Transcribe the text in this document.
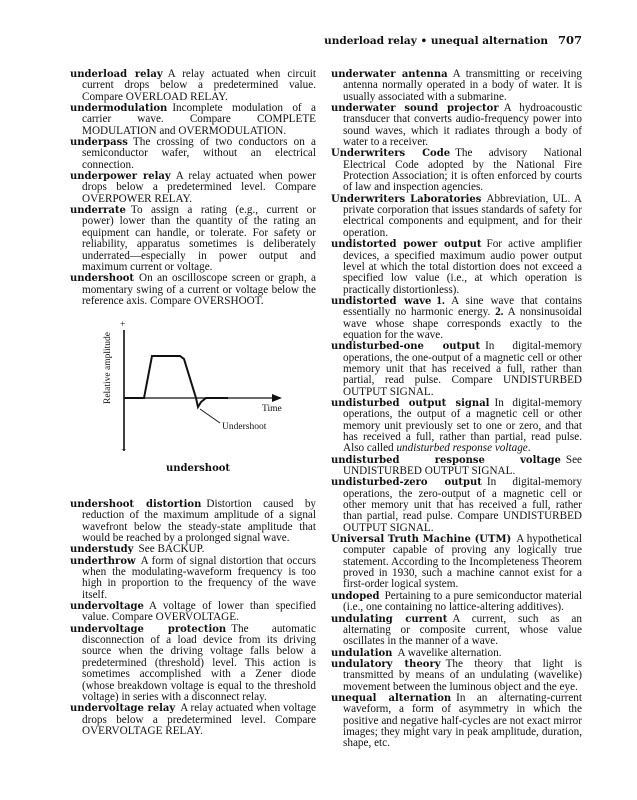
underload relay • unequal alternation 707

underload relay A relay actuated when circuit current drops below a predetermined value. Compare OVERLOAD RELAY.

undermodulation Incomplete modulation of a carrier wave. Compare COMPLETE MODULATION and OVERMODULATION.

underpass The crossing of two conductors on a semiconductor wafer, without an electrical connection.

underpower relay A relay actuated when power drops below a predetermined level. Compare OVERPOWER RELAY.

underrate To assign a rating (e.g., current or power) lower than the quantity of the rating an equipment can handle, or tolerate. For safety or reliability, apparatus sometimes is deliberately underrated—especially in power output and maximum current or voltage.

undershoot On an oscilloscope screen or graph, a momentary swing of a current or voltage below the reference axis. Compare OVERSHOOT.

+
−
Relative amplitude
Time
Undershoot
undershoot

undershoot distortion Distortion caused by reduction of the maximum amplitude of a signal wavefront below the steady-state amplitude that would be reached by a prolonged signal wave.

understudy See BACKUP.

underthrow A form of signal distortion that occurs when the modulating-waveform frequency is too high in proportion to the frequency of the wave itself.

undervoltage A voltage of lower than specified value. Compare OVERVOLTAGE.

undervoltage protection The automatic disconnection of a load device from its driving source when the driving voltage falls below a predetermined (threshold) level. This action is sometimes accomplished with a Zener diode (whose breakdown voltage is equal to the threshold voltage) in series with a disconnect relay.

undervoltage relay A relay actuated when voltage drops below a predetermined level. Compare OVERVOLTAGE RELAY.

underwater antenna A transmitting or receiving antenna normally operated in a body of water. It is usually associated with a submarine.

underwater sound projector A hydroacoustic transducer that converts audio-frequency power into sound waves, which it radiates through a body of water to a receiver.

Underwriters Code The advisory National Electrical Code adopted by the National Fire Protection Association; it is often enforced by courts of law and inspection agencies.

Underwriters Laboratories Abbreviation, UL. A private corporation that issues standards of safety for electrical components and equipment, and for their operation.

undistorted power output For active amplifier devices, a specified maximum audio power output level at which the total distortion does not exceed a specified low value (i.e., at which operation is practically distortionless).

undistorted wave 1. A sine wave that contains essentially no harmonic energy. 2. A nonsinusoidal wave whose shape corresponds exactly to the equation for the wave.

undisturbed-one output In digital-memory operations, the one-output of a magnetic cell or other memory unit that has received a full, rather than partial, read pulse. Compare UNDISTURBED OUTPUT SIGNAL.

undisturbed output signal In digital-memory operations, the output of a magnetic cell or other memory unit previously set to one or zero, and that has received a full, rather than partial, read pulse. Also called undisturbed response voltage.

undisturbed response voltage See UNDISTURBED OUTPUT SIGNAL.

undisturbed-zero output In digital-memory operations, the zero-output of a magnetic cell or other memory unit that has received a full, rather than partial, read pulse. Compare UNDISTURBED OUTPUT SIGNAL.

Universal Truth Machine (UTM) A hypothetical computer capable of proving any logically true statement. According to the Incompleteness Theorem proved in 1930, such a machine cannot exist for a first-order logical system.

undoped Pertaining to a pure semiconductor material (i.e., one containing no lattice-altering additives).

undulating current A current, such as an alternating or composite current, whose value oscillates in the manner of a wave.

undulation A wavelike alternation.

undulatory theory The theory that light is transmitted by means of an undulating (wavelike) movement between the luminous object and the eye.

unequal alternation In an alternating-current waveform, a form of asymmetry in which the positive and negative half-cycles are not exact mirror images; they might vary in peak amplitude, duration, shape, etc.
